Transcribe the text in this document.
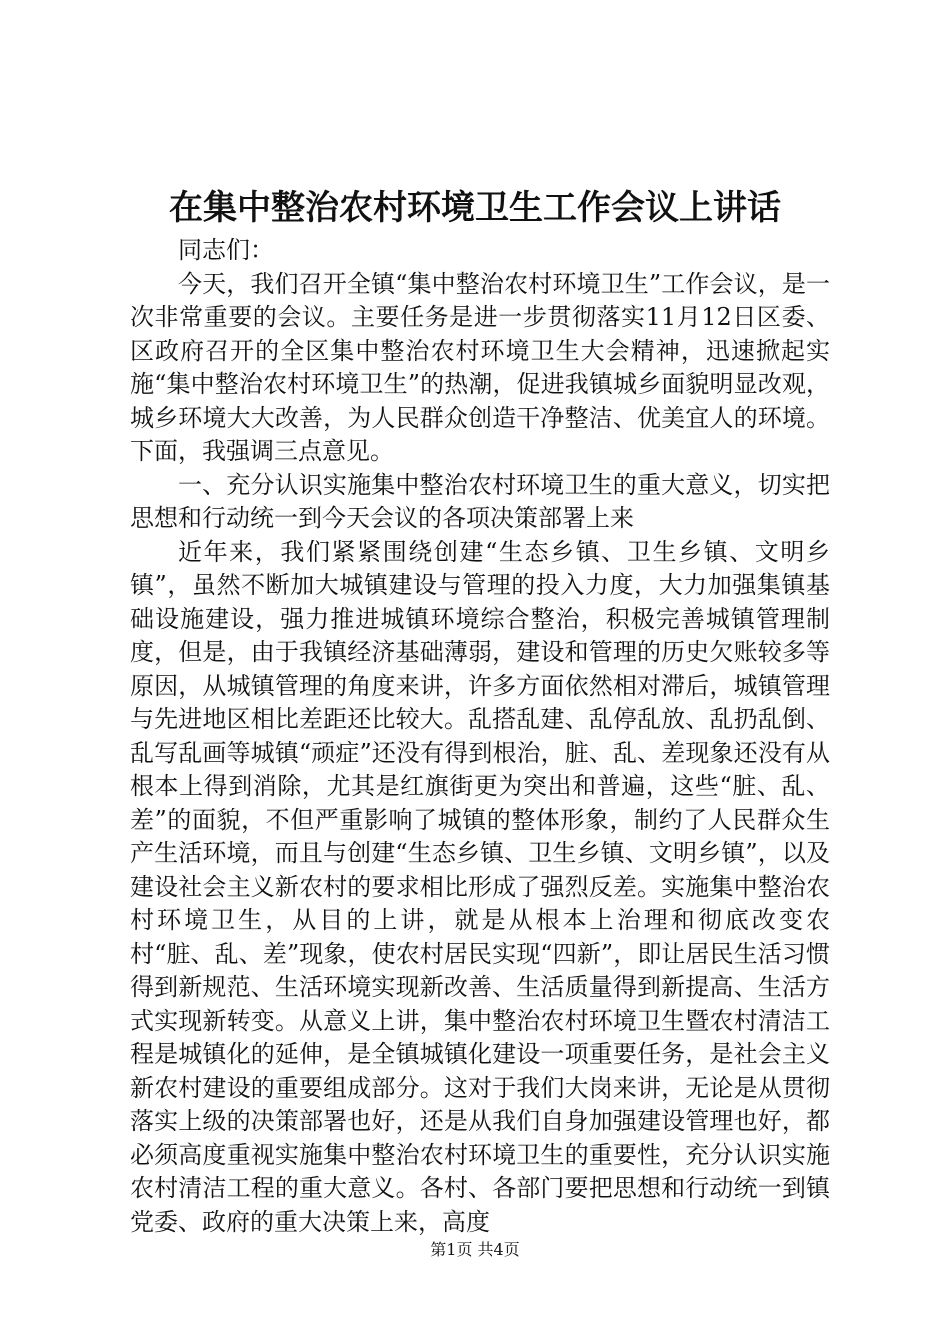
在集中整治农村环境卫生工作会议上讲话

同志们：

今天，我们召开全镇“集中整治农村环境卫生”工作会议，是一次非常重要的会议。主要任务是进一步贯彻落实11月12日区委、区政府召开的全区集中整治农村环境卫生大会精神，迅速掀起实施“集中整治农村环境卫生”的热潮，促进我镇城乡面貌明显改观，城乡环境大大改善，为人民群众创造干净整洁、优美宜人的环境。下面，我强调三点意见。

一、充分认识实施集中整治农村环境卫生的重大意义，切实把思想和行动统一到今天会议的各项决策部署上来

近年来，我们紧紧围绕创建“生态乡镇、卫生乡镇、文明乡镇”，虽然不断加大城镇建设与管理的投入力度，大力加强集镇基础设施建设，强力推进城镇环境综合整治，积极完善城镇管理制度，但是，由于我镇经济基础薄弱，建设和管理的历史欠账较多等原因，从城镇管理的角度来讲，许多方面依然相对滞后，城镇管理与先进地区相比差距还比较大。乱搭乱建、乱停乱放、乱扔乱倒、乱写乱画等城镇“顽症”还没有得到根治，脏、乱、差现象还没有从根本上得到消除，尤其是红旗街更为突出和普遍，这些“脏、乱、差”的面貌，不但严重影响了城镇的整体形象，制约了人民群众生产生活环境，而且与创建“生态乡镇、卫生乡镇、文明乡镇”，以及建设社会主义新农村的要求相比形成了强烈反差。实施集中整治农村环境卫生，从目的上讲，就是从根本上治理和彻底改变农村“脏、乱、差”现象，使农村居民实现“四新”，即让居民生活习惯得到新规范、生活环境实现新改善、生活质量得到新提高、生活方式实现新转变。从意义上讲，集中整治农村环境卫生暨农村清洁工程是城镇化的延伸，是全镇城镇化建设一项重要任务，是社会主义新农村建设的重要组成部分。这对于我们大岗来讲，无论是从贯彻落实上级的决策部署也好，还是从我们自身加强建设管理也好，都必须高度重视实施集中整治农村环境卫生的重要性，充分认识实施农村清洁工程的重大意义。各村、各部门要把思想和行动统一到镇党委、政府的重大决策上来，高度

第1页 共4页
